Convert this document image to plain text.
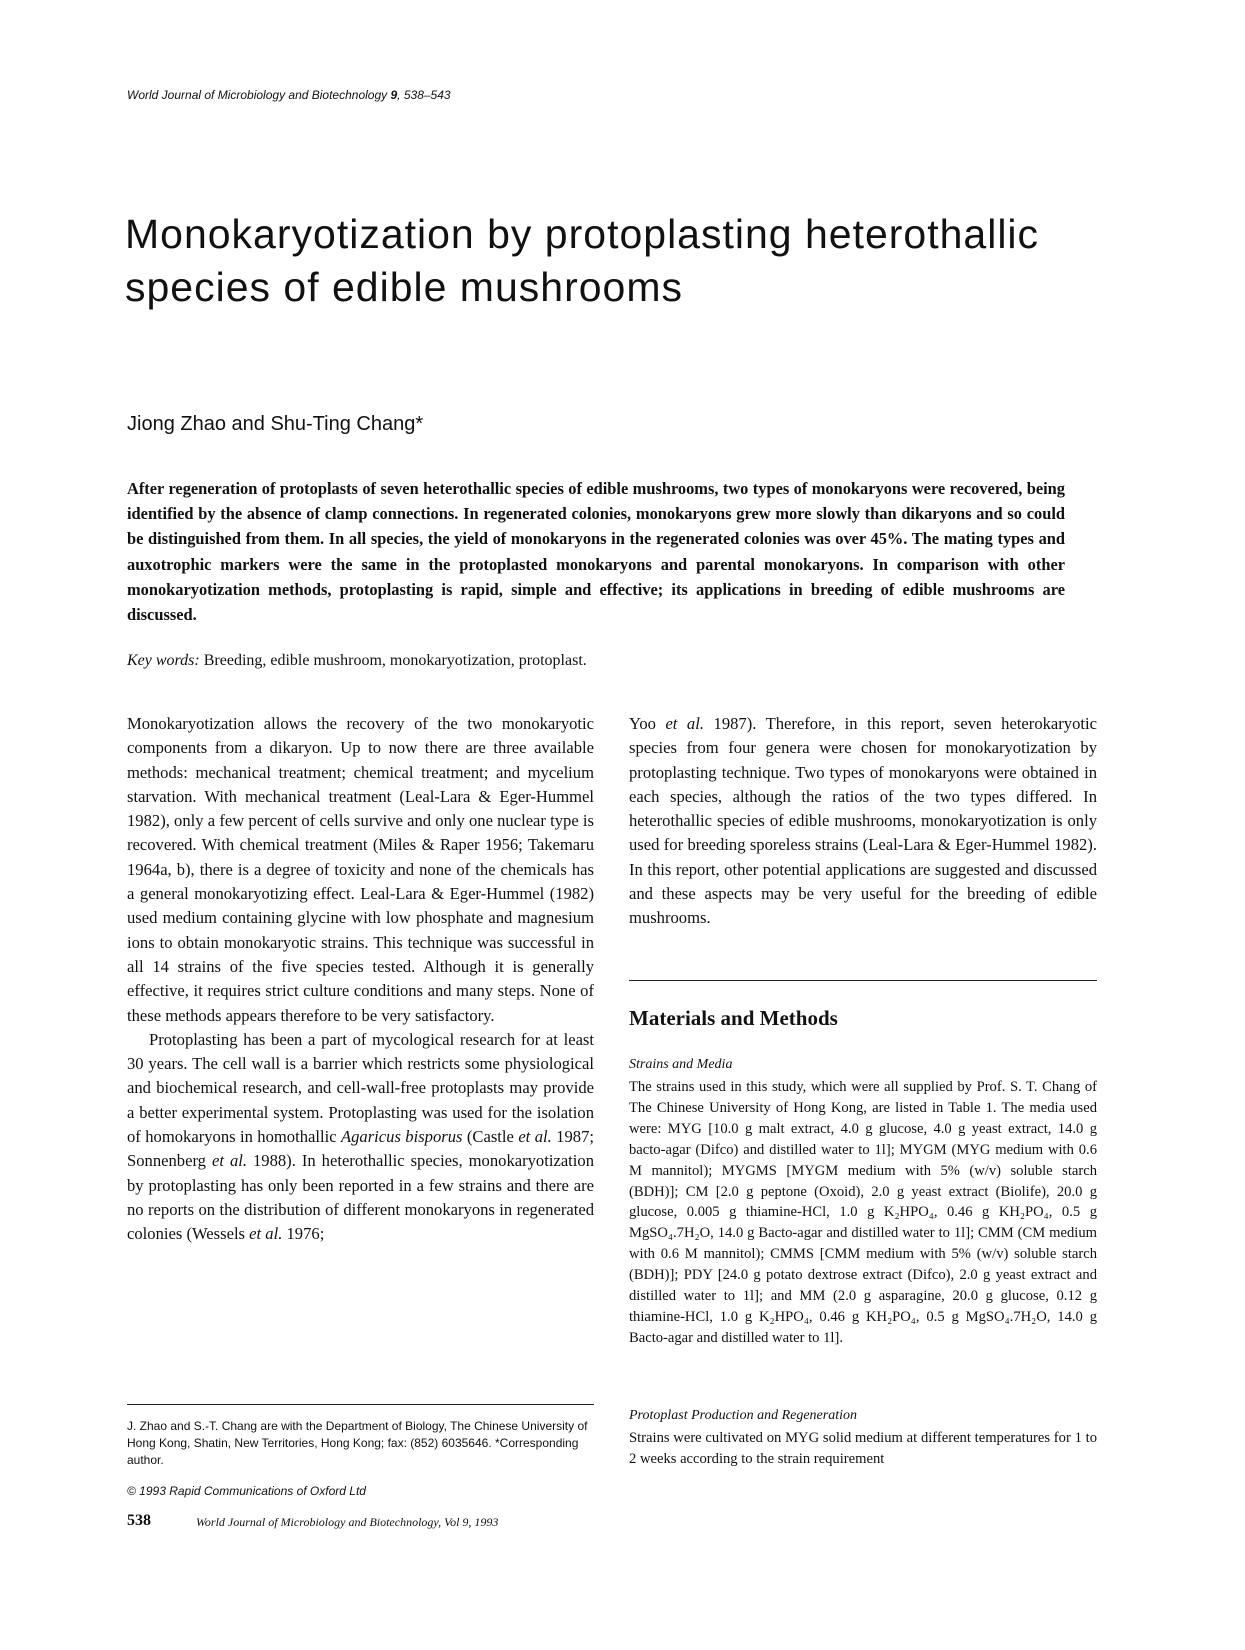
World Journal of Microbiology and Biotechnology 9, 538–543
Monokaryotization by protoplasting heterothallic species of edible mushrooms
Jiong Zhao and Shu-Ting Chang*

After regeneration of protoplasts of seven heterothallic species of edible mushrooms, two types of monokaryons were recovered, being identified by the absence of clamp connections. In regenerated colonies, monokaryons grew more slowly than dikaryons and so could be distinguished from them. In all species, the yield of monokaryons in the regenerated colonies was over 45%. The mating types and auxotrophic markers were the same in the protoplasted monokaryons and parental monokaryons. In comparison with other monokaryotization methods, protoplasting is rapid, simple and effective; its applications in breeding of edible mushrooms are discussed.

Key words: Breeding, edible mushroom, monokaryotization, protoplast.

Monokaryotization allows the recovery of the two monokaryotic components from a dikaryon. Up to now there are three available methods: mechanical treatment; chemical treatment; and mycelium starvation. With mechanical treatment (Leal-Lara & Eger-Hummel 1982), only a few percent of cells survive and only one nuclear type is recovered. With chemical treatment (Miles & Raper 1956; Takemaru 1964a, b), there is a degree of toxicity and none of the chemicals has a general monokaryotizing effect. Leal-Lara & Eger-Hummel (1982) used medium containing glycine with low phosphate and magnesium ions to obtain monokaryotic strains. This technique was successful in all 14 strains of the five species tested. Although it is generally effective, it requires strict culture conditions and many steps. None of these methods appears therefore to be very satisfactory.

Protoplasting has been a part of mycological research for at least 30 years. The cell wall is a barrier which restricts some physiological and biochemical research, and cell-wall-free protoplasts may provide a better experimental system. Protoplasting was used for the isolation of homokaryons in homothallic Agaricus bisporus (Castle et al. 1987; Sonnenberg et al. 1988). In heterothallic species, monokaryotization by protoplasting has only been reported in a few strains and there are no reports on the distribution of different monokaryons in regenerated colonies (Wessels et al. 1976;

Yoo et al. 1987). Therefore, in this report, seven heterokaryotic species from four genera were chosen for monokaryotization by protoplasting technique. Two types of monokaryons were obtained in each species, although the ratios of the two types differed. In heterothallic species of edible mushrooms, monokaryotization is only used for breeding sporeless strains (Leal-Lara & Eger-Hummel 1982). In this report, other potential applications are suggested and discussed and these aspects may be very useful for the breeding of edible mushrooms.

Materials and Methods
Strains and Media

The strains used in this study, which were all supplied by Prof. S. T. Chang of The Chinese University of Hong Kong, are listed in Table 1. The media used were: MYG [10.0 g malt extract, 4.0 g glucose, 4.0 g yeast extract, 14.0 g bacto-agar (Difco) and distilled water to 1l]; MYGM (MYG medium with 0.6 M mannitol); MYGMS [MYGM medium with 5% (w/v) soluble starch (BDH)]; CM [2.0 g peptone (Oxoid), 2.0 g yeast extract (Biolife), 20.0 g glucose, 0.005 g thiamine-HCl, 1.0 g K₂HPO₄, 0.46 g KH₂PO₄, 0.5 g MgSO₄.7H₂O, 14.0 g Bacto-agar and distilled water to 1l]; CMM (CM medium with 0.6 M mannitol); CMMS [CMM medium with 5% (w/v) soluble starch (BDH)]; PDY [24.0 g potato dextrose extract (Difco), 2.0 g yeast extract and distilled water to 1l]; and MM (2.0 g asparagine, 20.0 g glucose, 0.12 g thiamine-HCl, 1.0 g K₂HPO₄, 0.46 g KH₂PO₄, 0.5 g MgSO₄.7H₂O, 14.0 g Bacto-agar and distilled water to 1l].

Protoplast Production and Regeneration

Strains were cultivated on MYG solid medium at different temperatures for 1 to 2 weeks according to the strain requirement

J. Zhao and S.-T. Chang are with the Department of Biology, The Chinese University of Hong Kong, Shatin, New Territories, Hong Kong; fax: (852) 6035646. *Corresponding author.
© 1993 Rapid Communications of Oxford Ltd
538	World Journal of Microbiology and Biotechnology, Vol 9, 1993
